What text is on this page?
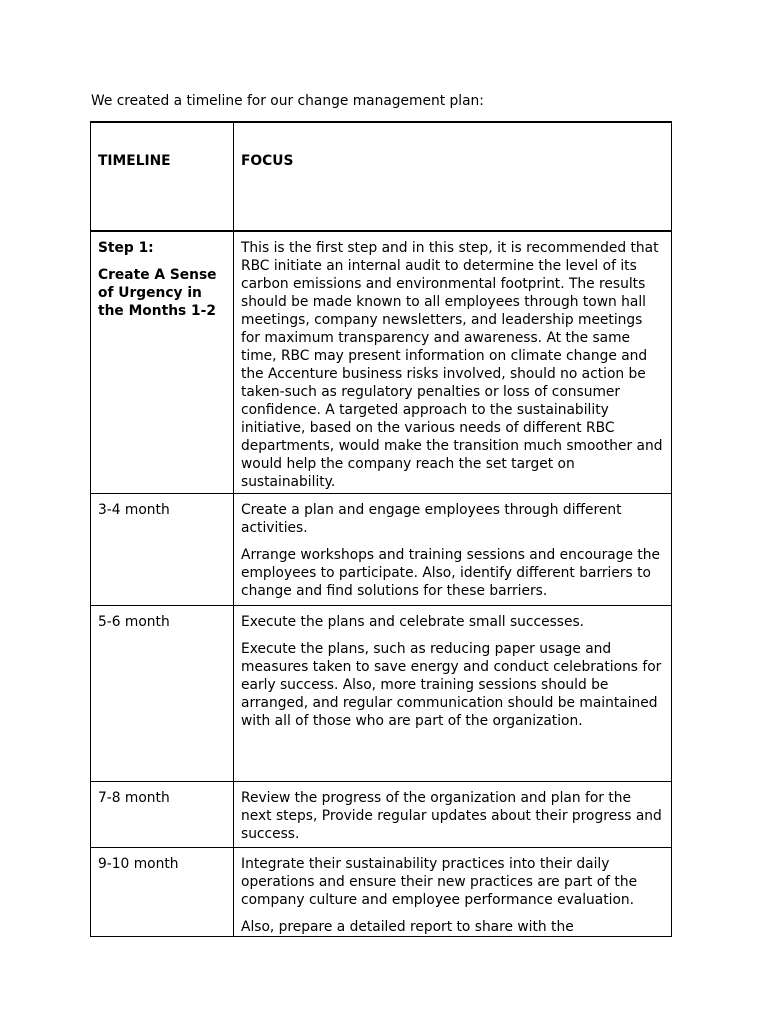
We created a timeline for our change management plan:

TIMELINE	FOCUS

Step 1:

Create A Sense of Urgency in the Months 1-2	This is the first step and in this step, it is recommended that RBC initiate an internal audit to determine the level of its carbon emissions and environmental footprint. The results should be made known to all employees through town hall meetings, company newsletters, and leadership meetings for maximum transparency and awareness. At the same time, RBC may present information on climate change and the Accenture business risks involved, should no action be taken-such as regulatory penalties or loss of consumer confidence. A targeted approach to the sustainability initiative, based on the various needs of different RBC departments, would make the transition much smoother and would help the company reach the set target on sustainability.

3-4 month	Create a plan and engage employees through different activities.

Arrange workshops and training sessions and encourage the employees to participate. Also, identify different barriers to change and find solutions for these barriers.

5-6 month	Execute the plans and celebrate small successes.

Execute the plans, such as reducing paper usage and measures taken to save energy and conduct celebrations for early success. Also, more training sessions should be arranged, and regular communication should be maintained with all of those who are part of the organization.

7-8 month	Review the progress of the organization and plan for the next steps, Provide regular updates about their progress and success.

9-10 month	Integrate their sustainability practices into their daily operations and ensure their new practices are part of the company culture and employee performance evaluation.

Also, prepare a detailed report to share with the
